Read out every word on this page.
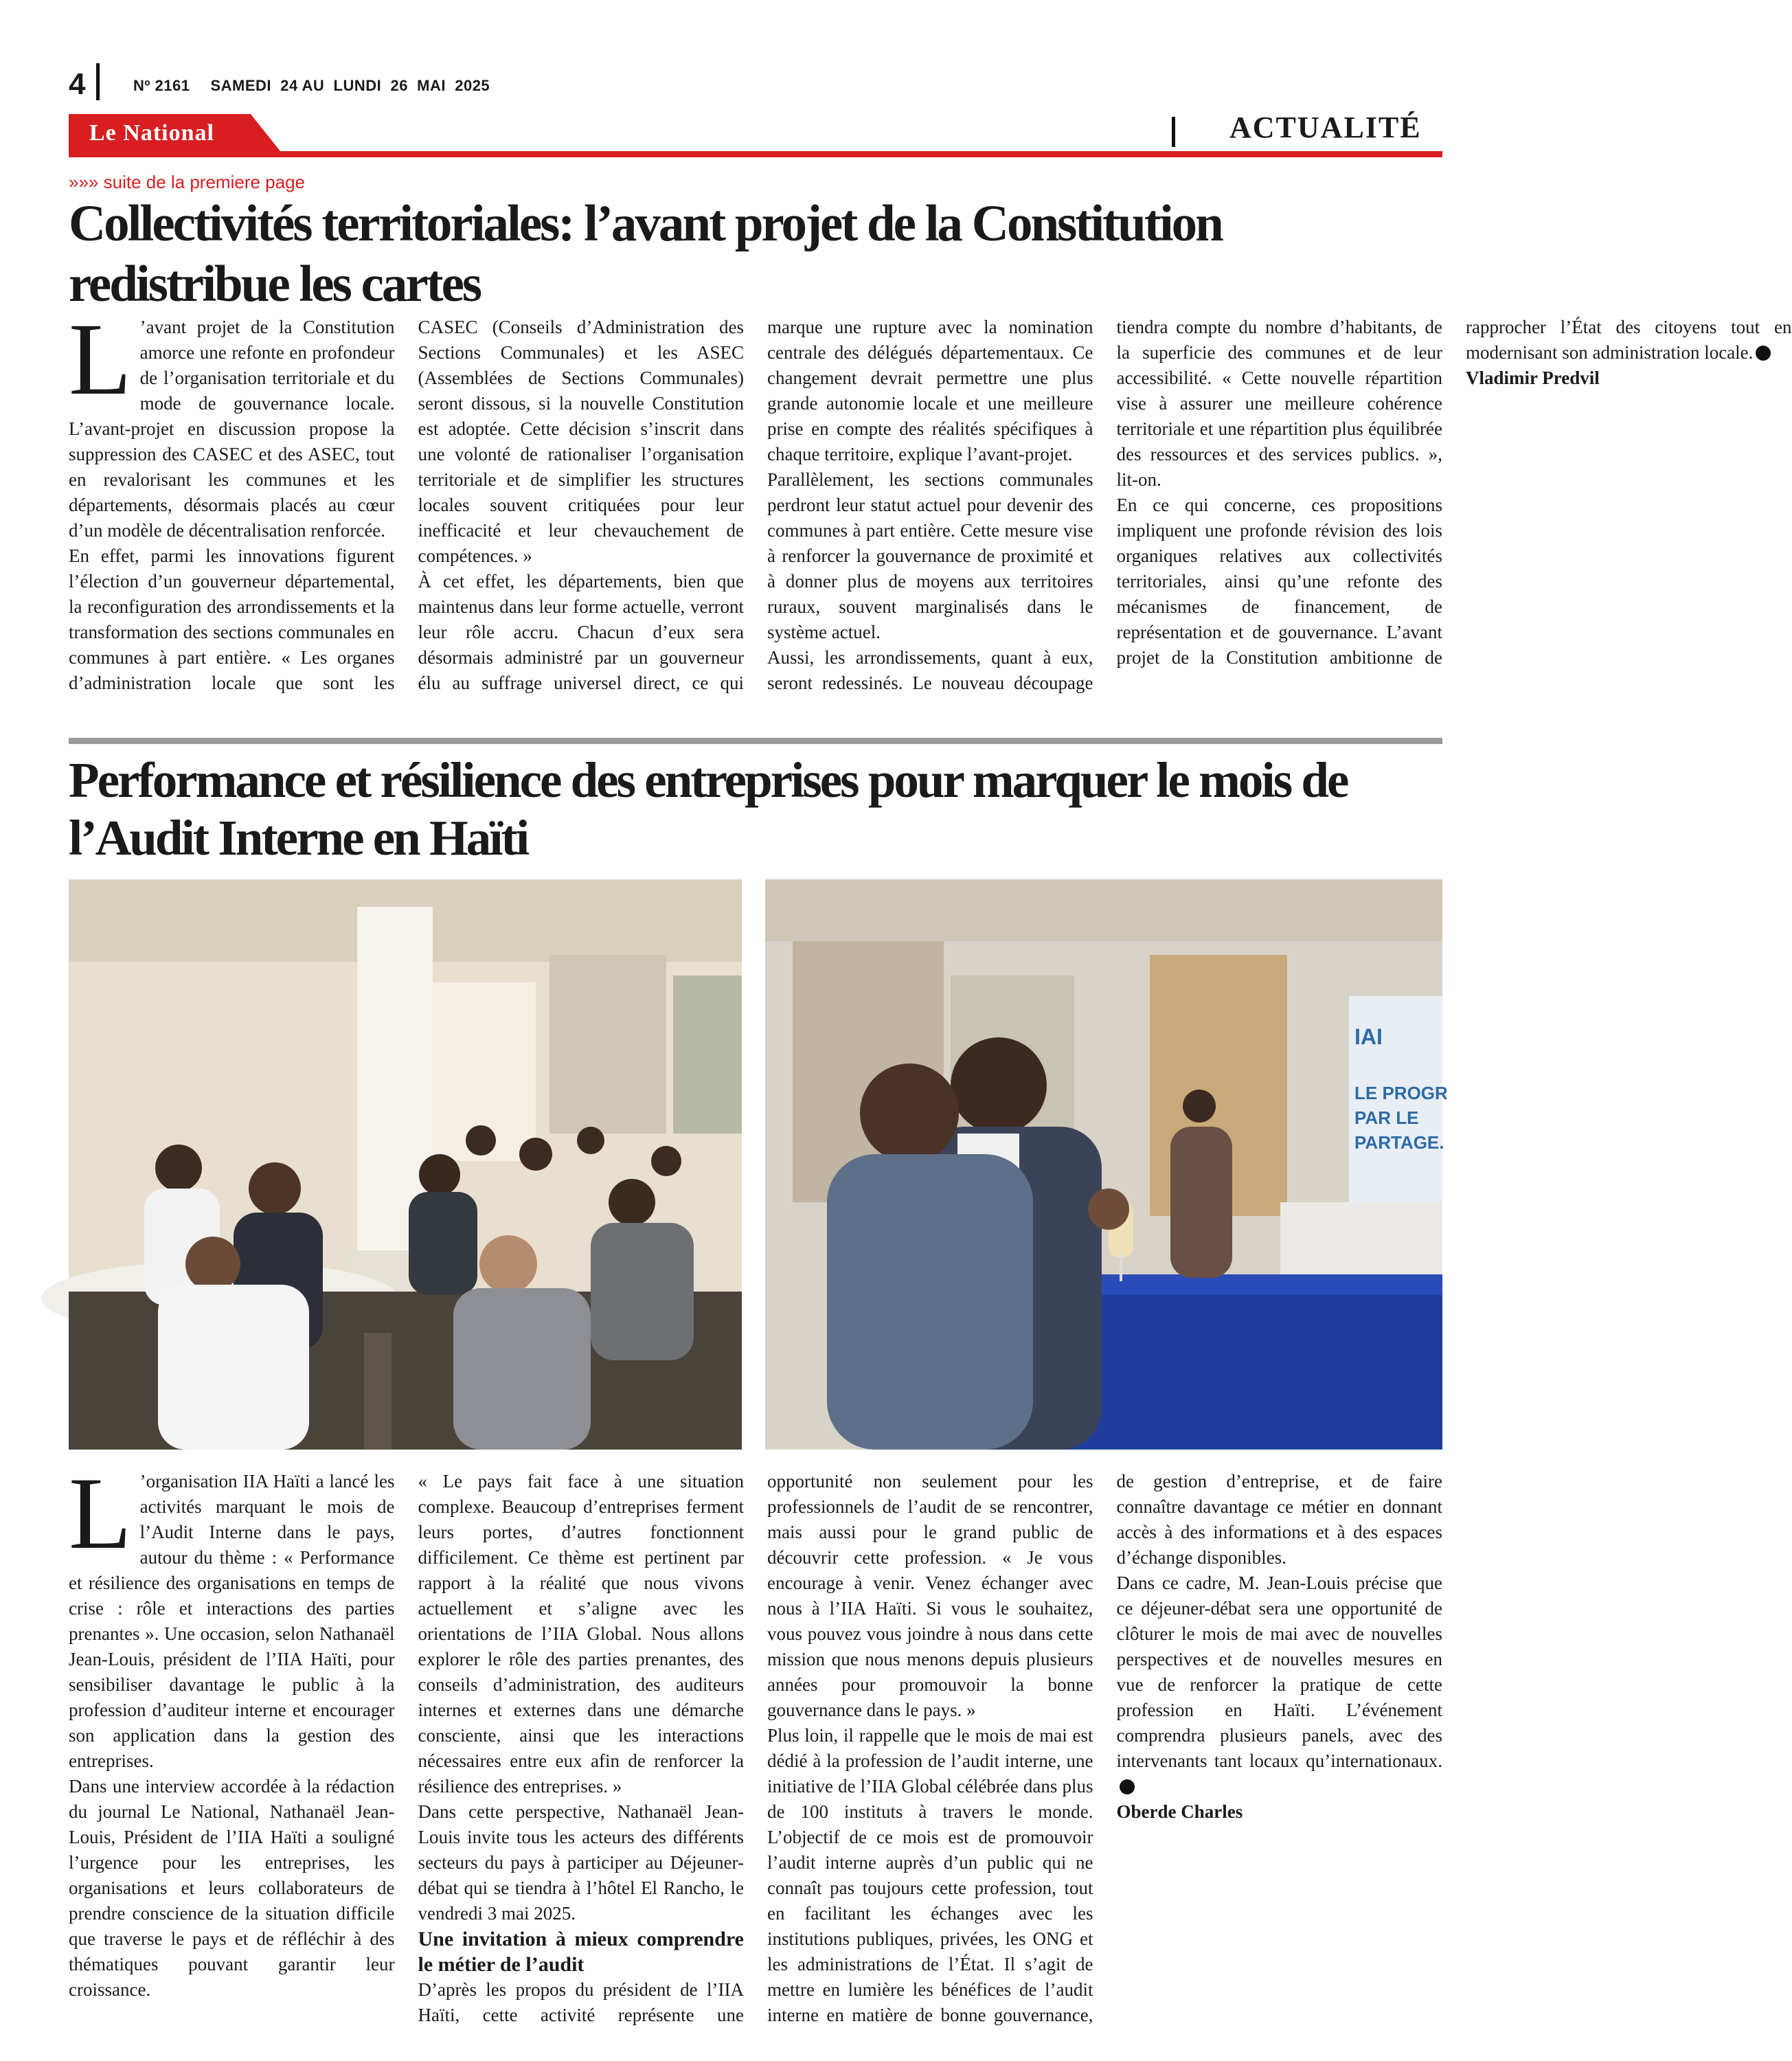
4	Nº 2161 SAMEDI  24 AU  LUNDI  26  MAI  2025
Le National	ACTUALITÉ
»»» suite de la premiere page
Collectivités territoriales: l’avant projet de la Constitution redistribue les cartes

L ’avant projet de la Constitution amorce une refonte en profondeur de l’organisation territoriale et du mode de gouvernance locale. L’avant-projet en discussion propose la suppression des CASEC et des ASEC, tout en revalorisant les communes et les départements, désormais placés au cœur d’un modèle de décentralisation renforcée.

En effet, parmi les innovations figurent l’élection d’un gouverneur départemental, la reconfiguration des arrondissements et la transformation des sections communales en communes à part entière. « Les organes d’administration locale que sont les CASEC (Conseils d’Administration des Sections Communales) et les ASEC (Assemblées de Sections Communales) seront dissous, si la nouvelle Constitution est adoptée. Cette décision s’inscrit dans une volonté de rationaliser l’organisation territoriale et de simplifier les structures locales souvent critiquées pour leur inefficacité et leur chevauchement de compétences. »

À cet effet, les départements, bien que maintenus dans leur forme actuelle, verront leur rôle accru. Chacun d’eux sera désormais administré par un gouverneur élu au suffrage universel direct, ce qui marque une rupture avec la nomination centrale des délégués départementaux. Ce changement devrait permettre une plus grande autonomie locale et une meilleure prise en compte des réalités spécifiques à chaque territoire, explique l’avant-projet.

Parallèlement, les sections communales perdront leur statut actuel pour devenir des communes à part entière. Cette mesure vise à renforcer la gouvernance de proximité et à donner plus de moyens aux territoires ruraux, souvent marginalisés dans le système actuel.

Aussi, les arrondissements, quant à eux, seront redessinés. Le nouveau découpage tiendra compte du nombre d’habitants, de la superficie des communes et de leur accessibilité. « Cette nouvelle répartition vise à assurer une meilleure cohérence territoriale et une répartition plus équilibrée des ressources et des services publics. », lit-on.

En ce qui concerne, ces propositions impliquent une profonde révision des lois organiques relatives aux collectivités territoriales, ainsi qu’une refonte des mécanismes de financement, de représentation et de gouvernance. L’avant projet de la Constitution ambitionne de rapprocher l’État des citoyens tout en modernisant son administration locale.

Vladimir Predvil

Performance et résilience des entreprises pour marquer le mois de l’Audit Interne en Haïti
IAI
LE PROGR
PAR LE
PARTAGE.

L ’organisation IIA Haïti a lancé les activités marquant le mois de l’Audit Interne dans le pays, autour du thème : « Performance et résilience des organisations en temps de crise : rôle et interactions des parties prenantes ». Une occasion, selon Nathanaël Jean-Louis, président de l’IIA Haïti, pour sensibiliser davantage le public à la profession d’auditeur interne et encourager son application dans la gestion des entreprises.

Dans une interview accordée à la rédaction du journal Le National, Nathanaël Jean-Louis, Président de l’IIA Haïti a souligné l’urgence pour les entreprises, les organisations et leurs collaborateurs de prendre conscience de la situation difficile que traverse le pays et de réfléchir à des thématiques pouvant garantir leur croissance.

« Le pays fait face à une situation complexe. Beaucoup d’entreprises ferment leurs portes, d’autres fonctionnent difficilement. Ce thème est pertinent par rapport à la réalité que nous vivons actuellement et s’aligne avec les orientations de l’IIA Global. Nous allons explorer le rôle des parties prenantes, des conseils d’administration, des auditeurs internes et externes dans une démarche consciente, ainsi que les interactions nécessaires entre eux afin de renforcer la résilience des entreprises. »

Dans cette perspective, Nathanaël Jean-Louis invite tous les acteurs des différents secteurs du pays à participer au Déjeuner-débat qui se tiendra à l’hôtel El Rancho, le vendredi 3 mai 2025.

Une invitation à mieux comprendre le métier de l’audit

D’après les propos du président de l’IIA Haïti, cette activité représente une opportunité non seulement pour les professionnels de l’audit de se rencontrer, mais aussi pour le grand public de découvrir cette profession. « Je vous encourage à venir. Venez échanger avec nous à l’IIA Haïti. Si vous le souhaitez, vous pouvez vous joindre à nous dans cette mission que nous menons depuis plusieurs années pour promouvoir la bonne gouvernance dans le pays. »

Plus loin, il rappelle que le mois de mai est dédié à la profession de l’audit interne, une initiative de l’IIA Global célébrée dans plus de 100 instituts à travers le monde. L’objectif de ce mois est de promouvoir l’audit interne auprès d’un public qui ne connaît pas toujours cette profession, tout en facilitant les échanges avec les institutions publiques, privées, les ONG et les administrations de l’État. Il s’agit de mettre en lumière les bénéfices de l’audit interne en matière de bonne gouvernance, de gestion d’entreprise, et de faire connaître davantage ce métier en donnant accès à des informations et à des espaces d’échange disponibles.

Dans ce cadre, M. Jean-Louis précise que ce déjeuner-débat sera une opportunité de clôturer le mois de mai avec de nouvelles perspectives et de nouvelles mesures en vue de renforcer la pratique de cette profession en Haïti. L’événement comprendra plusieurs panels, avec des intervenants tant locaux qu’internationaux.

Oberde Charles
